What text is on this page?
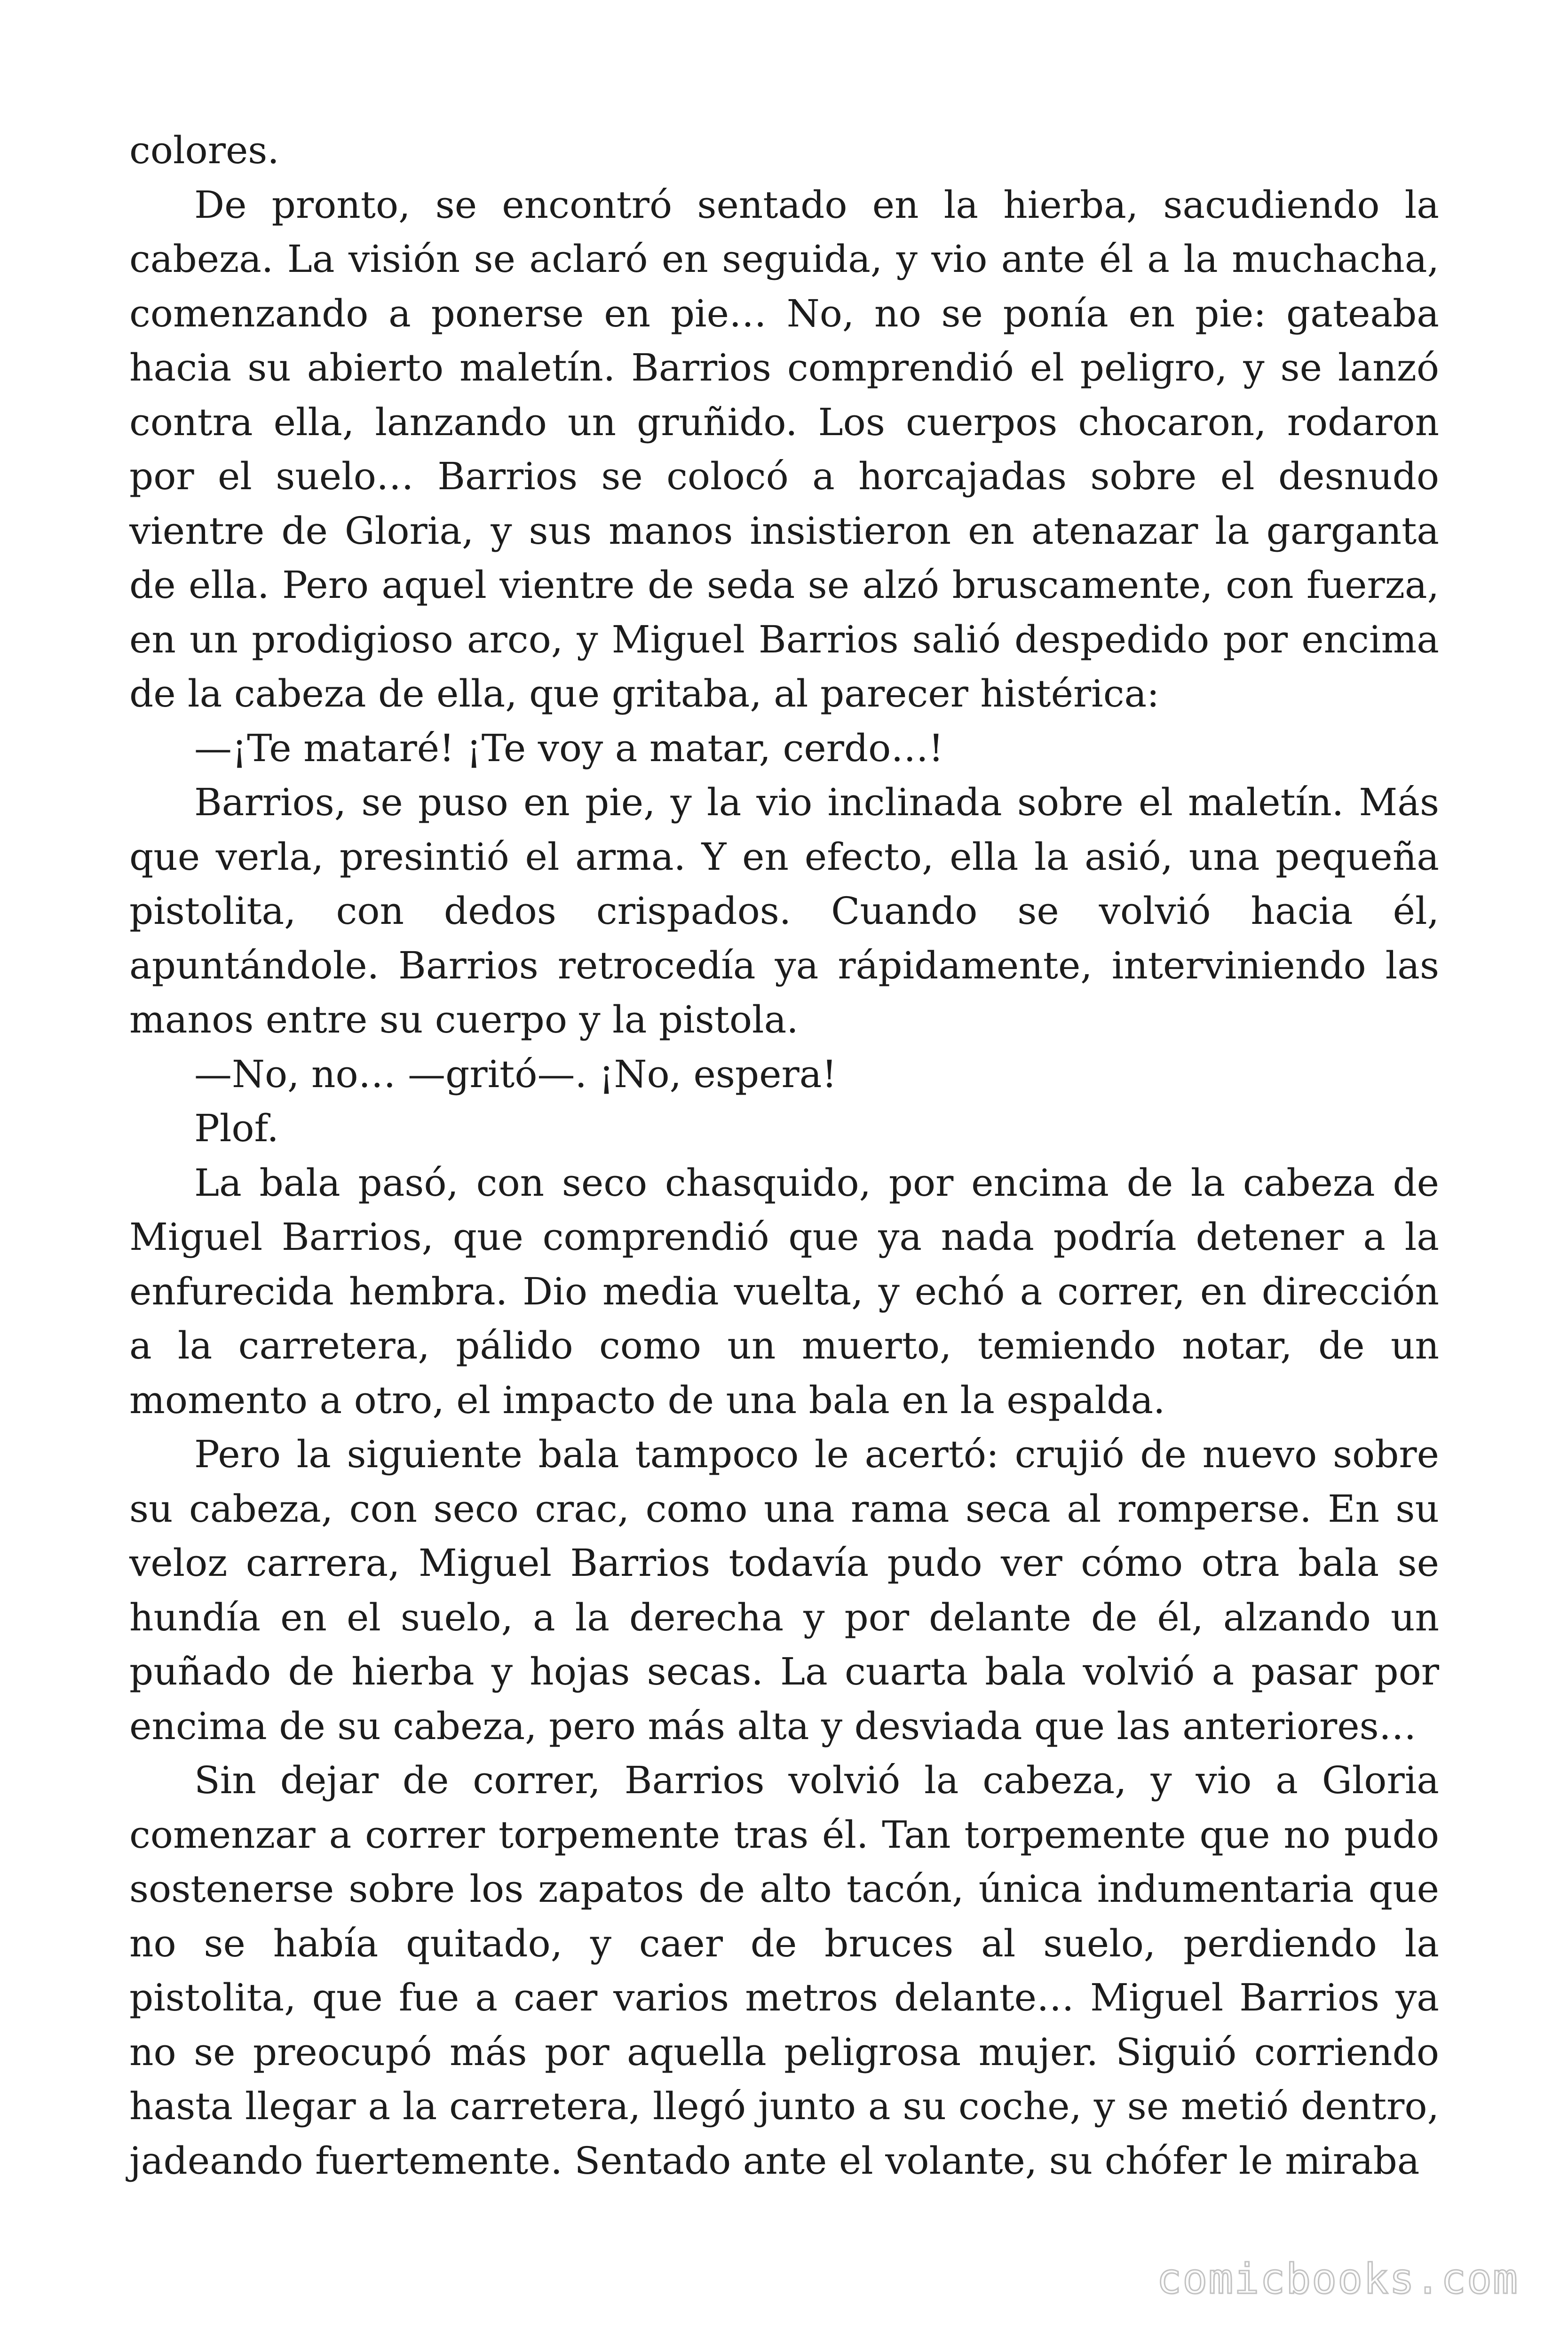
colores.

De pronto, se encontró sentado en la hierba, sacudiendo la cabeza. La visión se aclaró en seguida, y vio ante él a la muchacha, comenzando a ponerse en pie… No, no se ponía en pie: gateaba hacia su abierto maletín. Barrios comprendió el peligro, y se lanzó contra ella, lanzando un gruñido. Los cuerpos chocaron, rodaron por el suelo… Barrios se colocó a horcajadas sobre el desnudo vientre de Gloria, y sus manos insistieron en atenazar la garganta de ella. Pero aquel vientre de seda se alzó bruscamente, con fuerza, en un prodigioso arco, y Miguel Barrios salió despedido por encima de la cabeza de ella, que gritaba, al parecer histérica:

—¡Te mataré! ¡Te voy a matar, cerdo…!

Barrios, se puso en pie, y la vio inclinada sobre el maletín. Más que verla, presintió el arma. Y en efecto, ella la asió, una pequeña pistolita, con dedos crispados. Cuando se volvió hacia él, apuntándole. Barrios retrocedía ya rápidamente, interviniendo las manos entre su cuerpo y la pistola.

—No, no… —gritó—. ¡No, espera!

Plof.

La bala pasó, con seco chasquido, por encima de la cabeza de Miguel Barrios, que comprendió que ya nada podría detener a la enfurecida hembra. Dio media vuelta, y echó a correr, en dirección a la carretera, pálido como un muerto, temiendo notar, de un momento a otro, el impacto de una bala en la espalda.

Pero la siguiente bala tampoco le acertó: crujió de nuevo sobre su cabeza, con seco crac, como una rama seca al romperse. En su veloz carrera, Miguel Barrios todavía pudo ver cómo otra bala se hundía en el suelo, a la derecha y por delante de él, alzando un puñado de hierba y hojas secas. La cuarta bala volvió a pasar por encima de su cabeza, pero más alta y desviada que las anteriores…

Sin dejar de correr, Barrios volvió la cabeza, y vio a Gloria comenzar a correr torpemente tras él. Tan torpemente que no pudo sostenerse sobre los zapatos de alto tacón, única indumentaria que no se había quitado, y caer de bruces al suelo, perdiendo la pistolita, que fue a caer varios metros delante… Miguel Barrios ya no se preocupó más por aquella peligrosa mujer. Siguió corriendo hasta llegar a la carretera, llegó junto a su coche, y se metió dentro, jadeando fuertemente. Sentado ante el volante, su chófer le miraba

comicbooks.com
